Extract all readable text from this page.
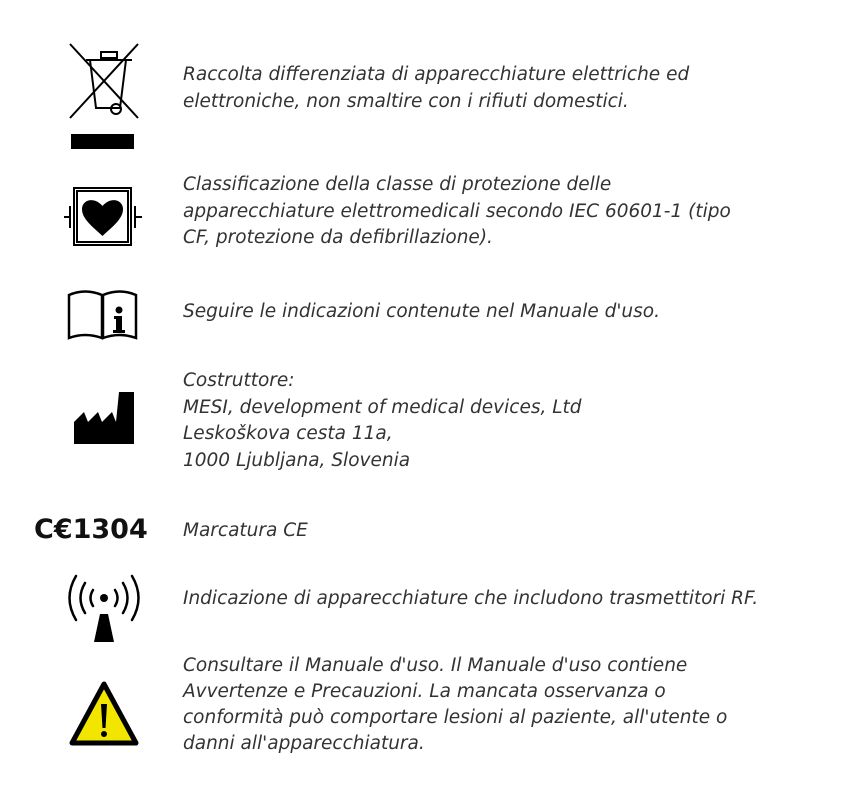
C€1304
Raccolta differenziata di apparecchiature elettriche ed
elettroniche, non smaltire con i rifiuti domestici.
Classificazione della classe di protezione delle
apparecchiature elettromedicali secondo IEC 60601-1 (tipo
CF, protezione da defibrillazione).
Seguire le indicazioni contenute nel Manuale d'uso.
Costruttore:
MESI, development of medical devices, Ltd
Leskoškova cesta 11a,
1000 Ljubljana, Slovenia
Marcatura CE
Indicazione di apparecchiature che includono trasmettitori RF.
Consultare il Manuale d'uso. Il Manuale d'uso contiene
Avvertenze e Precauzioni. La mancata osservanza o
conformità può comportare lesioni al paziente, all'utente o
danni all'apparecchiatura.
